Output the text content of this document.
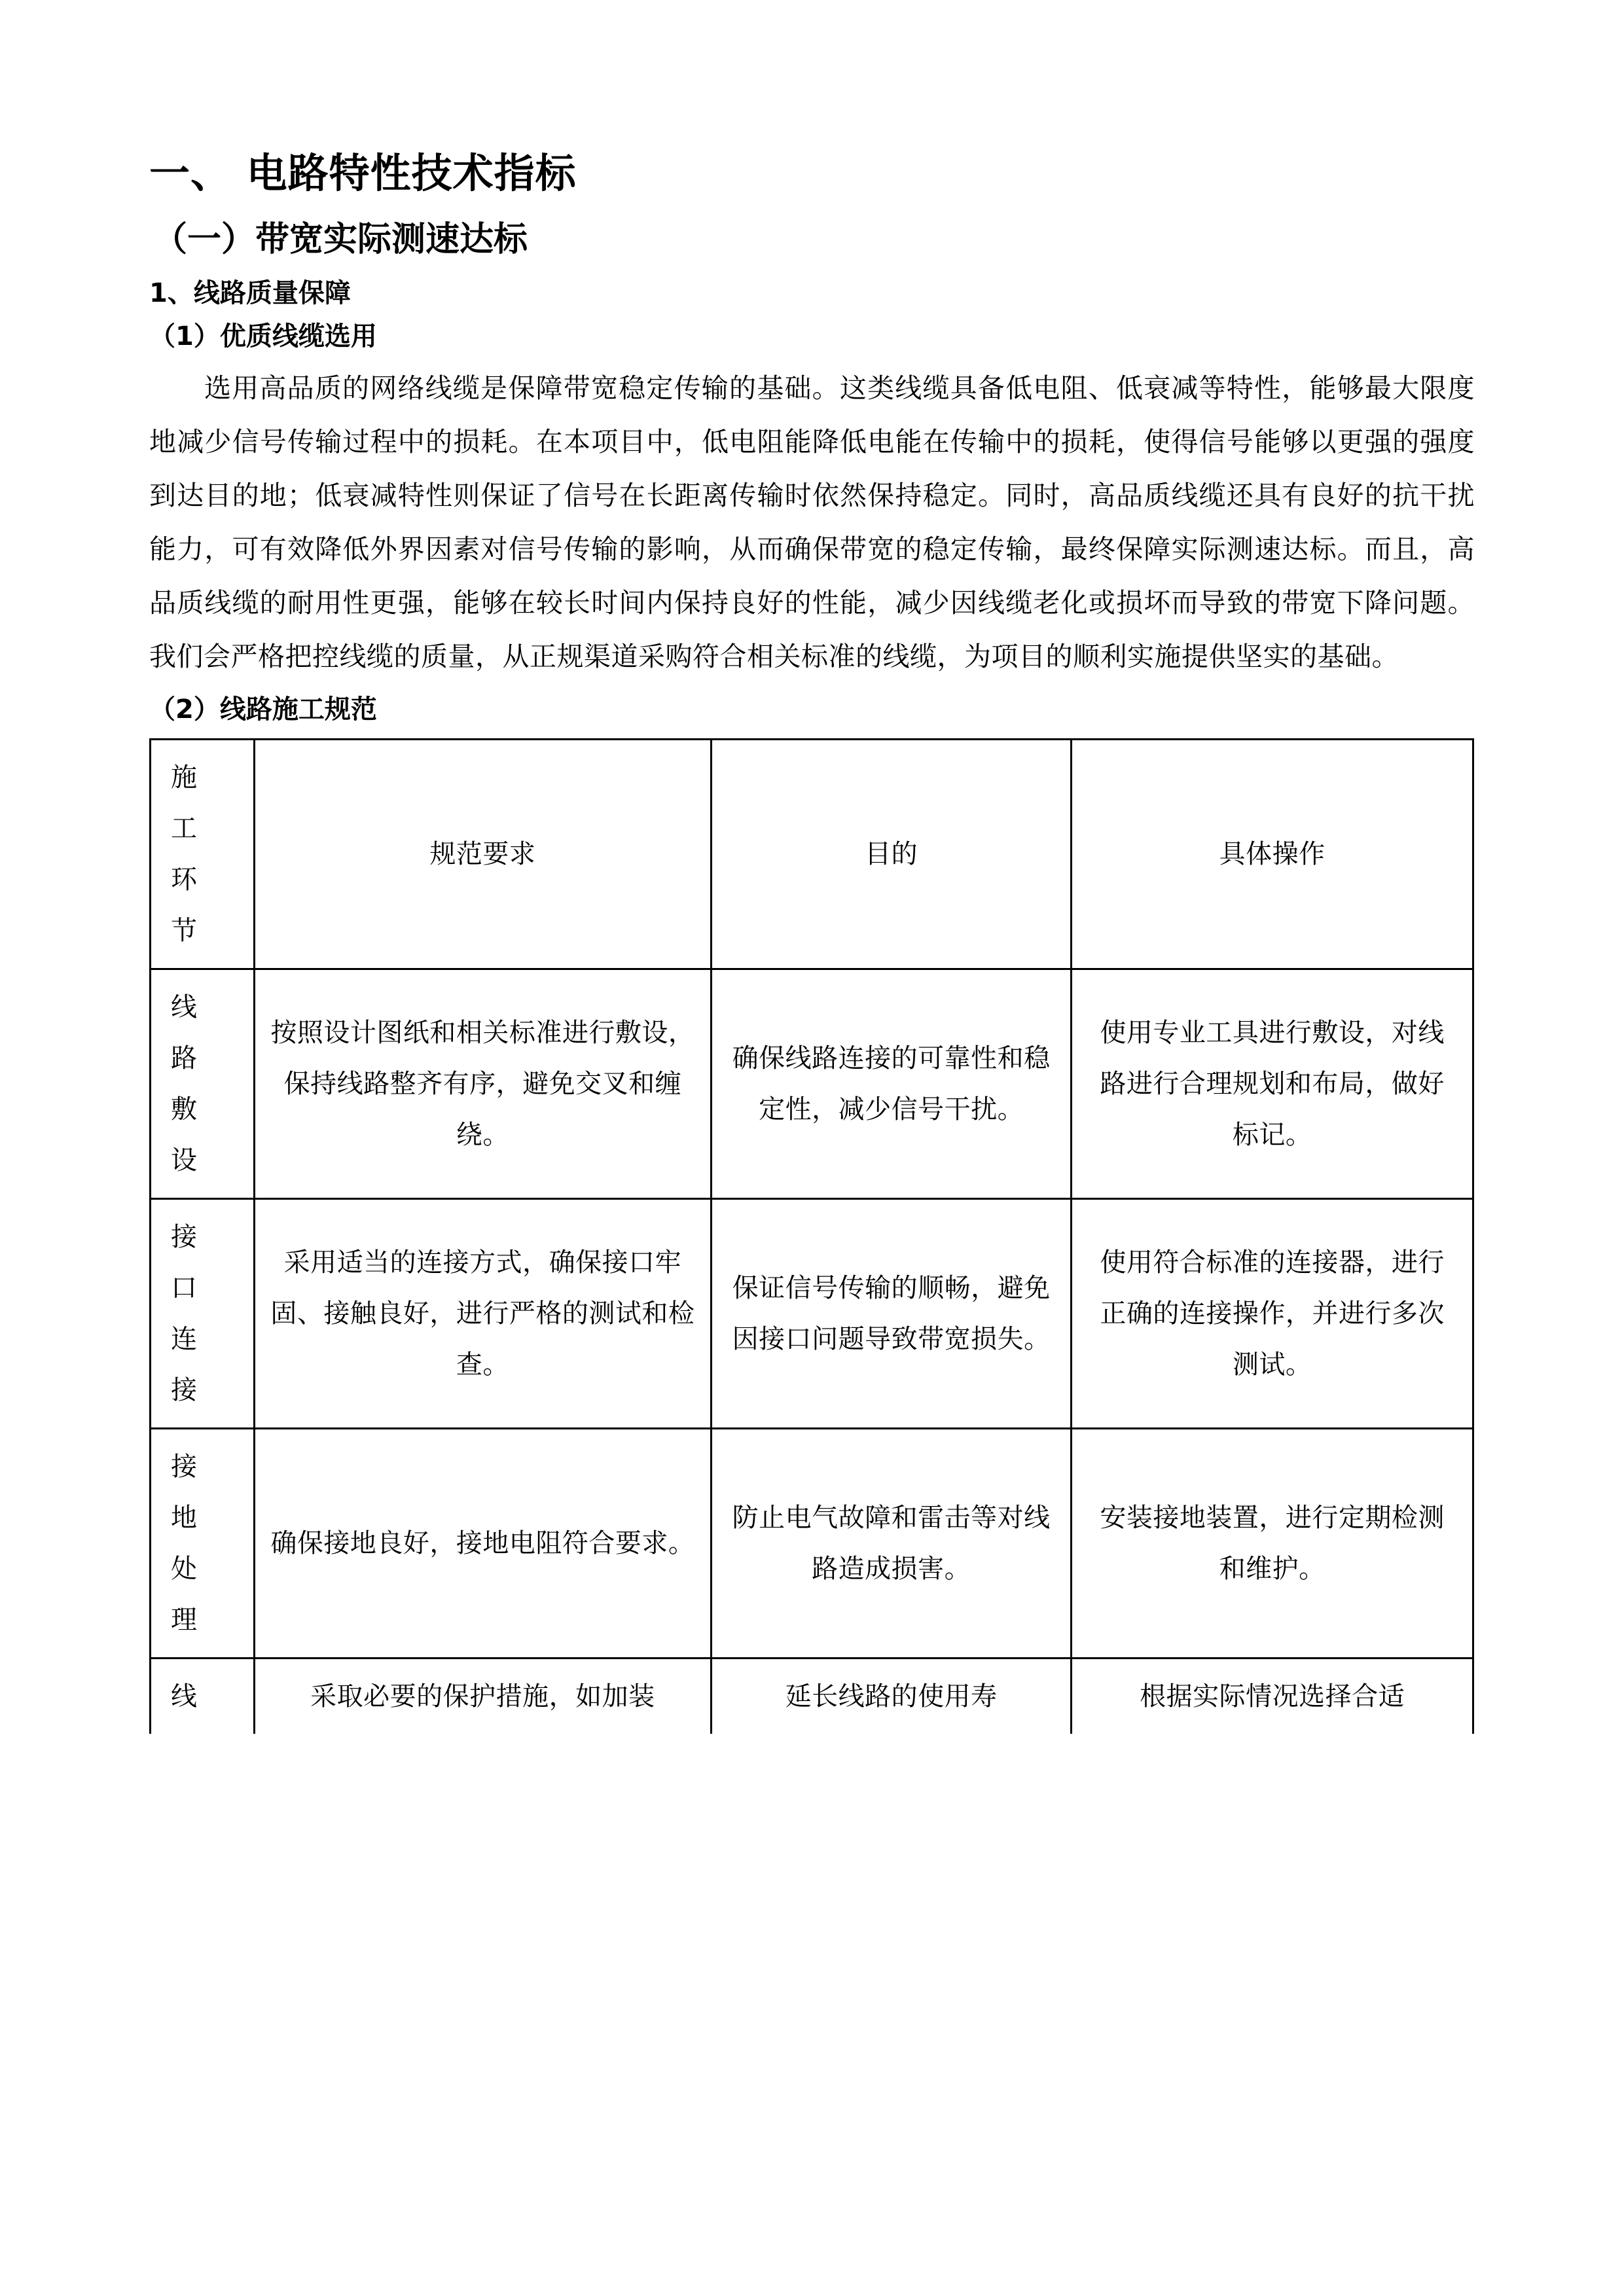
一、 电路特性技术指标
（一）带宽实际测速达标
1、线路质量保障
（1）优质线缆选用

选用高品质的网络线缆是保障带宽稳定传输的基础。这类线缆具备低电阻、低衰减等特性，能够最大限度地减少信号传输过程中的损耗。在本项目中，低电阻能降低电能在传输中的损耗，使得信号能够以更强的强度到达目的地；低衰减特性则保证了信号在长距离传输时依然保持稳定。同时，高品质线缆还具有良好的抗干扰能力，可有效降低外界因素对信号传输的影响，从而确保带宽的稳定传输，最终保障实际测速达标。而且，高品质线缆的耐用性更强，能够在较长时间内保持良好的性能，减少因线缆老化或损坏而导致的带宽下降问题。我们会严格把控线缆的质量，从正规渠道采购符合相关标准的线缆，为项目的顺利实施提供坚实的基础。

（2）线路施工规范
施
工
环
节	规范要求	目的	具体操作

线
路
敷
设	按照设计图纸和相关标准进行敷设，保持线路整齐有序，避免交叉和缠绕。	确保线路连接的可靠性和稳定性，减少信号干扰。	使用专业工具进行敷设，对线路进行合理规划和布局，做好标记。

接
口
连
接	采用适当的连接方式，确保接口牢固、接触良好，进行严格的测试和检查。	保证信号传输的顺畅，避免因接口问题导致带宽损失。	使用符合标准的连接器，进行正确的连接操作，并进行多次测试。

接
地
处
理	确保接地良好，接地电阻符合要求。	防止电气故障和雷击等对线路造成损害。	安装接地装置，进行定期检测和维护。
线	采取必要的保护措施，如加装	延长线路的使用寿	根据实际情况选择合适
